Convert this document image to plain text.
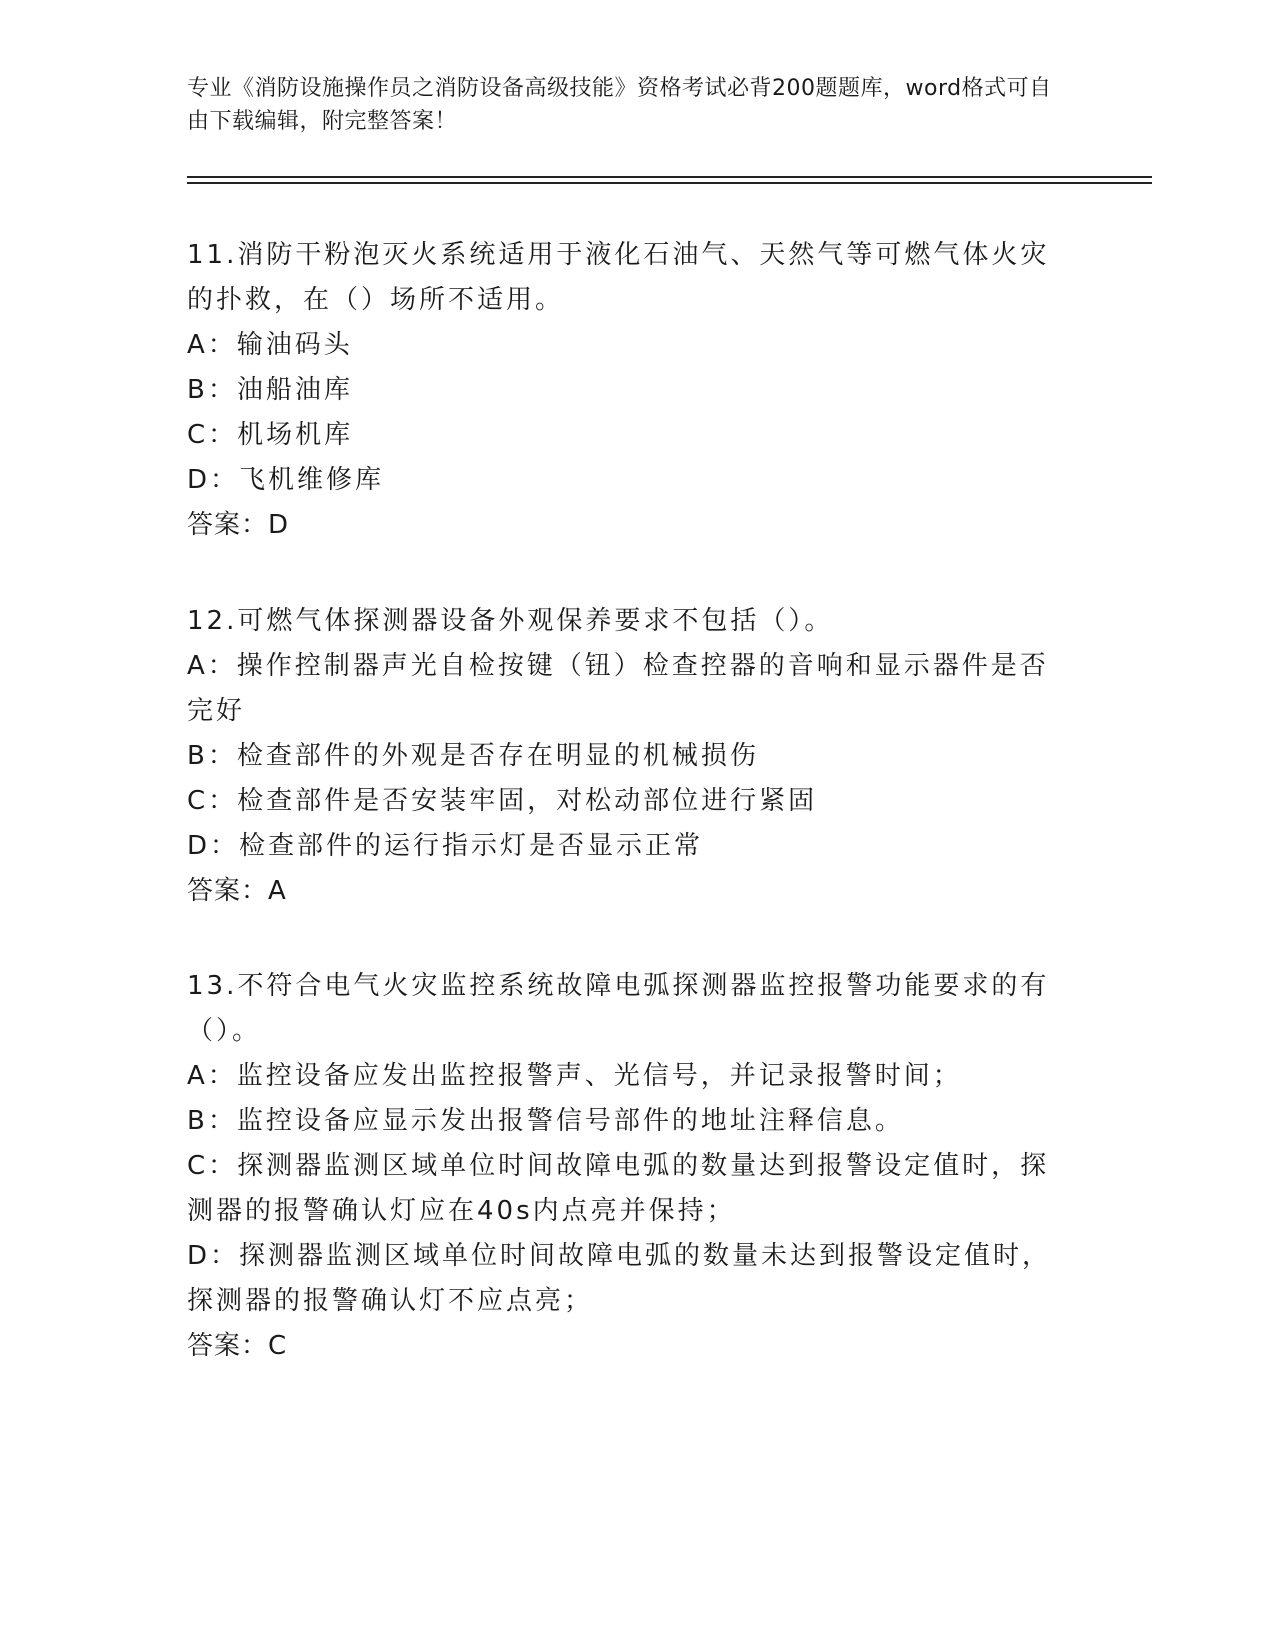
专业《消防设施操作员之消防设备高级技能》资格考试必背200题题库，word格式可自由下载编辑，附完整答案！

11.消防干粉泡灭火系统适用于液化石油气、天然气等可燃气体火灾的扑救，在（）场所不适用。

A：输油码头

B：油船油库

C：机场机库

D：飞机维修库

答案：D

12.可燃气体探测器设备外观保养要求不包括（）。

A：操作控制器声光自检按键（钮）检查控器的音响和显示器件是否完好

B：检查部件的外观是否存在明显的机械损伤

C：检查部件是否安装牢固，对松动部位进行紧固

D：检查部件的运行指示灯是否显示正常

答案：A

13.不符合电气火灾监控系统故障电弧探测器监控报警功能要求的有（）。

A：监控设备应发出监控报警声、光信号，并记录报警时间；

B：监控设备应显示发出报警信号部件的地址注释信息。

C：探测器监测区域单位时间故障电弧的数量达到报警设定值时，探测器的报警确认灯应在40s内点亮并保持；

D：探测器监测区域单位时间故障电弧的数量未达到报警设定值时，探测器的报警确认灯不应点亮；

答案：C
